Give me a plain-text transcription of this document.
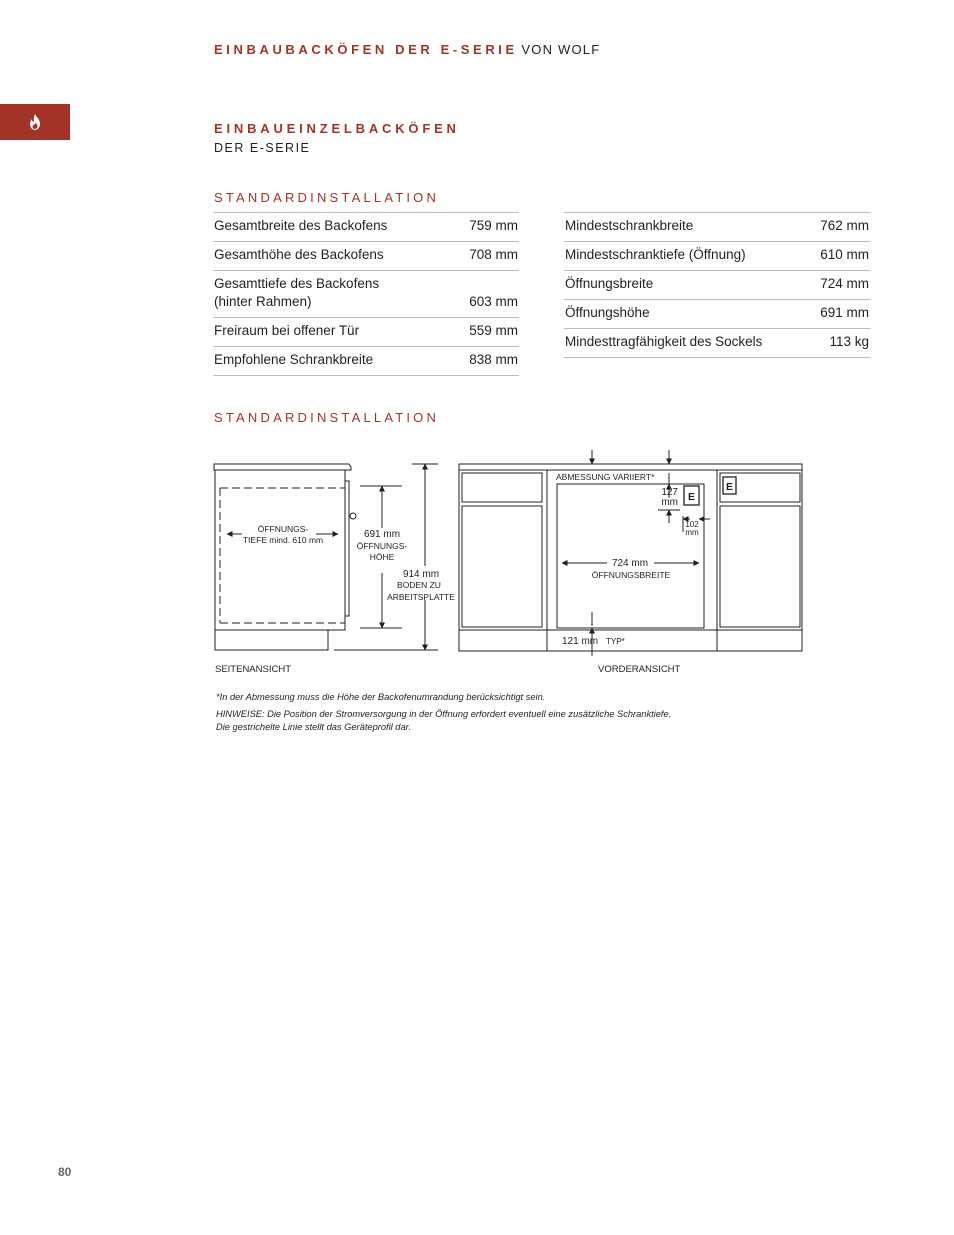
EINBAUBACKÖFEN DER E-SERIE VON WOLF
EINBAUEINZELBACKÖFEN
DER E-SERIE
STANDARDINSTALLATION
Gesamtbreite des Backofens	759 mm
Gesamthöhe des Backofens	708 mm

Gesamttiefe des Backofens
(hinter Rahmen)	603 mm
Freiraum bei offener Tür	559 mm
Empfohlene Schrankbreite	838 mm
Mindestschrankbreite	762 mm
Mindestschranktiefe (Öffnung)	610 mm
Öffnungsbreite	724 mm
Öffnungshöhe	691 mm
Mindesttragfähigkeit des Sockels	113 kg
STANDARDINSTALLATION
ÖFFNUNGS-
TIEFE mind. 610 mm	691 mm
ÖFFNUNGS-
HÖHE
914 mm
BODEN ZU
ARBEITSPLATTE
SEITENANSICHT
ABMESSUNG VARIIERT*
127
mm
102
mm
E
E
724 mm
ÖFFNUNGSBREITE
121 mm TYP*
VORDERANSICHT
*In der Abmessung muss die Höhe der Backofenumrandung berücksichtigt sein.
HINWEISE: Die Position der Stromversorgung in der Öffnung erfordert eventuell eine zusätzliche Schranktiefe.
Die gestrichelte Linie stellt das Geräteprofil dar.
80
